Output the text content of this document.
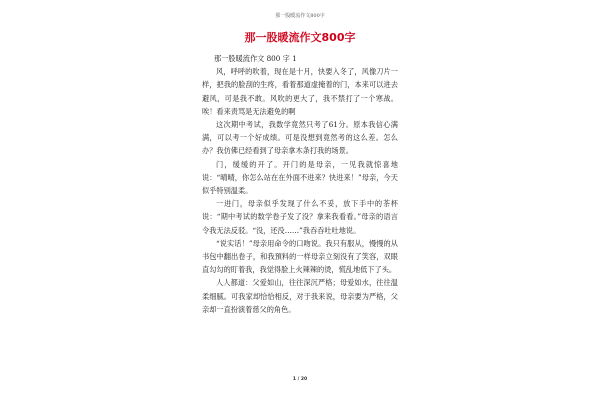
那一股暖流作文800字
那一股暖流作文800字
那一股暖流作文 800 字 1

风，呼呼的吹着，现在是十月，快要入冬了，风像刀片一样，把我的脸刮的生疼，看着那道虚掩着的门，本来可以进去避风，可是我不敢。风吹的更大了，我不禁打了一个寒战。唉！看来责骂是无法避免的啊

这次期中考试，我数学竟然只考了61分。原本我信心满满，可以考一个好成绩。可是没想到竟然考的这么差。怎么办？我仿佛已经看到了母亲拿木条打我的场景。

门，缓缓的开了。开门的是母亲，一见我就惊喜地说：“晴晴，你怎么站在在外面不进来？快进来！”母亲，今天似乎特别温柔。

一进门，母亲似乎发现了什么不妥，放下手中的茶杯说：“期中考试的数学卷子发了没？拿来我看看。”母亲的语言令我无法反驳。“没，还没……”我吞吞吐吐地说。

“说实话！”母亲用命令的口吻说。我只有服从，慢慢的从书包中翻出卷子，和我預料的一样母亲立刻没有了笑容，双眼直勾勾的盯着我，我觉得脸上火辣辣的烫，慌乱地低下了头。

人人都道：父爱如山，往往深沉严格；母爱如水，往往温柔细腻。可我家却恰恰相反，对于我来说，母亲要为严格，父亲却一直扮演着慈父的角色。

1 / 20
